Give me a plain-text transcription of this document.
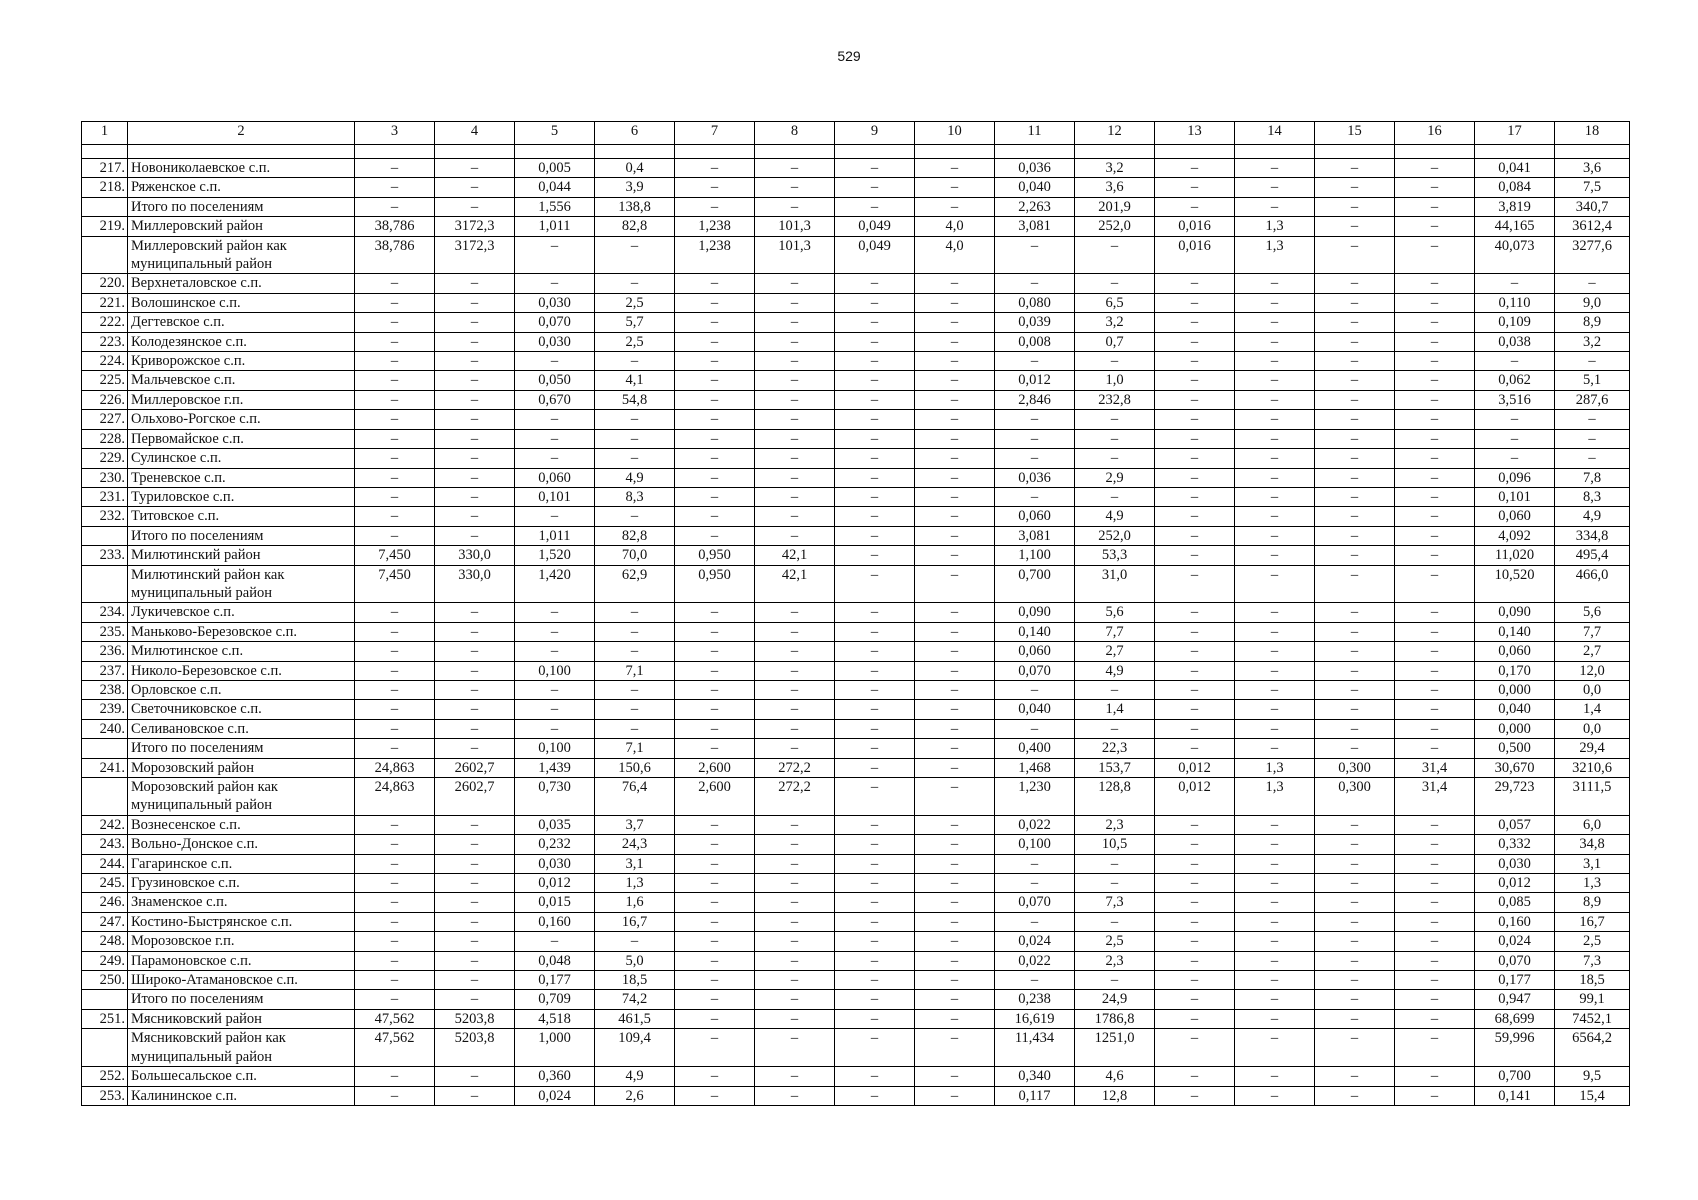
529
1	2	3	4	5	6	7	8	9	10	11	12	13	14	15	16	17	18

217.	Новониколаевское с.п.	–	–	0,005	0,4	–	–	–	–	0,036	3,2	–	–	–	–	0,041	3,6
218.	Ряженское с.п.	–	–	0,044	3,9	–	–	–	–	0,040	3,6	–	–	–	–	0,084	7,5
	Итого по поселениям	–	–	1,556	138,8	–	–	–	–	2,263	201,9	–	–	–	–	3,819	340,7
219.	Миллеровский район	38,786	3172,3	1,011	82,8	1,238	101,3	0,049	4,0	3,081	252,0	0,016	1,3	–	–	44,165	3612,4
	Миллеровский район как муниципальный район	38,786	3172,3	–	–	1,238	101,3	0,049	4,0	–	–	0,016	1,3	–	–	40,073	3277,6
220.	Верхнеталовское с.п.	–	–	–	–	–	–	–	–	–	–	–	–	–	–	–	–
221.	Волошинское с.п.	–	–	0,030	2,5	–	–	–	–	0,080	6,5	–	–	–	–	0,110	9,0
222.	Дегтевское с.п.	–	–	0,070	5,7	–	–	–	–	0,039	3,2	–	–	–	–	0,109	8,9
223.	Колодезянское с.п.	–	–	0,030	2,5	–	–	–	–	0,008	0,7	–	–	–	–	0,038	3,2
224.	Криворожское с.п.	–	–	–	–	–	–	–	–	–	–	–	–	–	–	–	–
225.	Мальчевское с.п.	–	–	0,050	4,1	–	–	–	–	0,012	1,0	–	–	–	–	0,062	5,1
226.	Миллеровское г.п.	–	–	0,670	54,8	–	–	–	–	2,846	232,8	–	–	–	–	3,516	287,6
227.	Ольхово-Рогское с.п.	–	–	–	–	–	–	–	–	–	–	–	–	–	–	–	–
228.	Первомайское с.п.	–	–	–	–	–	–	–	–	–	–	–	–	–	–	–	–
229.	Сулинское с.п.	–	–	–	–	–	–	–	–	–	–	–	–	–	–	–	–
230.	Треневское с.п.	–	–	0,060	4,9	–	–	–	–	0,036	2,9	–	–	–	–	0,096	7,8
231.	Туриловское с.п.	–	–	0,101	8,3	–	–	–	–	–	–	–	–	–	–	0,101	8,3
232.	Титовское с.п.	–	–	–	–	–	–	–	–	0,060	4,9	–	–	–	–	0,060	4,9
	Итого по поселениям	–	–	1,011	82,8	–	–	–	–	3,081	252,0	–	–	–	–	4,092	334,8
233.	Милютинский район	7,450	330,0	1,520	70,0	0,950	42,1	–	–	1,100	53,3	–	–	–	–	11,020	495,4
	Милютинский район как муниципальный район	7,450	330,0	1,420	62,9	0,950	42,1	–	–	0,700	31,0	–	–	–	–	10,520	466,0
234.	Лукичевское с.п.	–	–	–	–	–	–	–	–	0,090	5,6	–	–	–	–	0,090	5,6
235.	Маньково-Березовское с.п.	–	–	–	–	–	–	–	–	0,140	7,7	–	–	–	–	0,140	7,7
236.	Милютинское с.п.	–	–	–	–	–	–	–	–	0,060	2,7	–	–	–	–	0,060	2,7
237.	Николо-Березовское с.п.	–	–	0,100	7,1	–	–	–	–	0,070	4,9	–	–	–	–	0,170	12,0
238.	Орловское с.п.	–	–	–	–	–	–	–	–	–	–	–	–	–	–	0,000	0,0
239.	Светочниковское с.п.	–	–	–	–	–	–	–	–	0,040	1,4	–	–	–	–	0,040	1,4
240.	Селивановское с.п.	–	–	–	–	–	–	–	–	–	–	–	–	–	–	0,000	0,0
	Итого по поселениям	–	–	0,100	7,1	–	–	–	–	0,400	22,3	–	–	–	–	0,500	29,4
241.	Морозовский район	24,863	2602,7	1,439	150,6	2,600	272,2	–	–	1,468	153,7	0,012	1,3	0,300	31,4	30,670	3210,6
	Морозовский район как муниципальный район	24,863	2602,7	0,730	76,4	2,600	272,2	–	–	1,230	128,8	0,012	1,3	0,300	31,4	29,723	3111,5
242.	Вознесенское с.п.	–	–	0,035	3,7	–	–	–	–	0,022	2,3	–	–	–	–	0,057	6,0
243.	Вольно-Донское с.п.	–	–	0,232	24,3	–	–	–	–	0,100	10,5	–	–	–	–	0,332	34,8
244.	Гагаринское с.п.	–	–	0,030	3,1	–	–	–	–	–	–	–	–	–	–	0,030	3,1
245.	Грузиновское с.п.	–	–	0,012	1,3	–	–	–	–	–	–	–	–	–	–	0,012	1,3
246.	Знаменское с.п.	–	–	0,015	1,6	–	–	–	–	0,070	7,3	–	–	–	–	0,085	8,9
247.	Костино-Быстрянское с.п.	–	–	0,160	16,7	–	–	–	–	–	–	–	–	–	–	0,160	16,7
248.	Морозовское г.п.	–	–	–	–	–	–	–	–	0,024	2,5	–	–	–	–	0,024	2,5
249.	Парамоновское с.п.	–	–	0,048	5,0	–	–	–	–	0,022	2,3	–	–	–	–	0,070	7,3
250.	Широко-Атамановское с.п.	–	–	0,177	18,5	–	–	–	–	–	–	–	–	–	–	0,177	18,5
	Итого по поселениям	–	–	0,709	74,2	–	–	–	–	0,238	24,9	–	–	–	–	0,947	99,1
251.	Мясниковский район	47,562	5203,8	4,518	461,5	–	–	–	–	16,619	1786,8	–	–	–	–	68,699	7452,1
	Мясниковский район как муниципальный район	47,562	5203,8	1,000	109,4	–	–	–	–	11,434	1251,0	–	–	–	–	59,996	6564,2
252.	Большесальское с.п.	–	–	0,360	4,9	–	–	–	–	0,340	4,6	–	–	–	–	0,700	9,5
253.	Калининское с.п.	–	–	0,024	2,6	–	–	–	–	0,117	12,8	–	–	–	–	0,141	15,4
